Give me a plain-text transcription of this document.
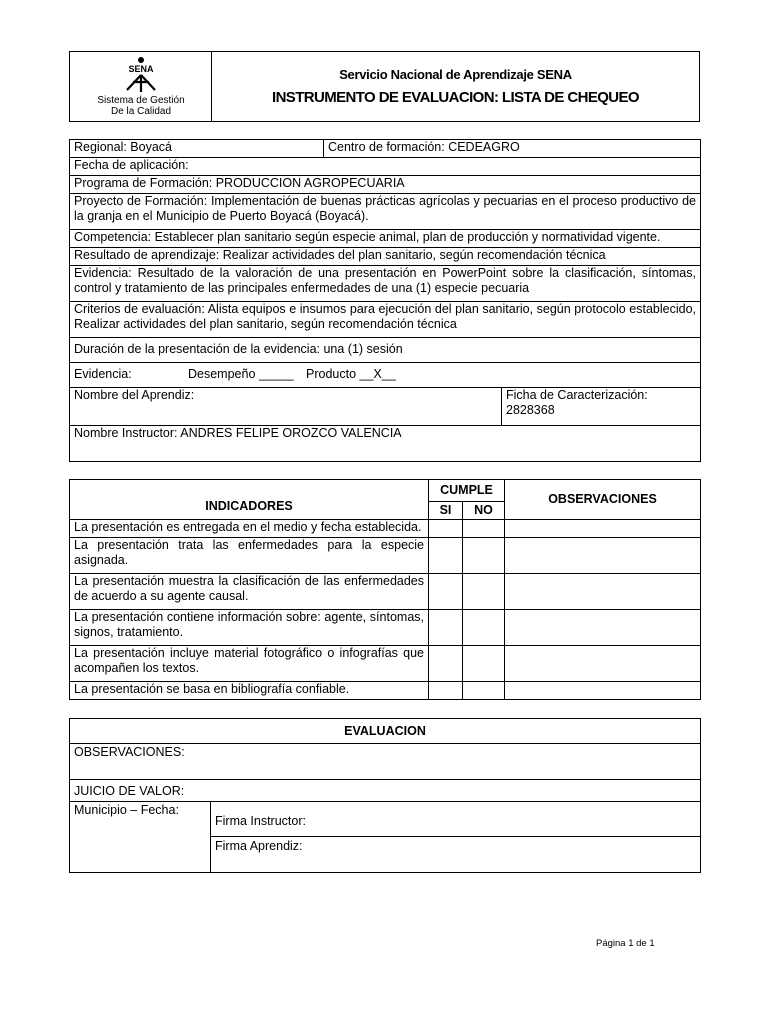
SENA
Sistema de Gestión
De la Calidad
Servicio Nacional de Aprendizaje SENA
INSTRUMENTO DE EVALUACION: LISTA DE CHEQUEO
Regional: Boyacá	Centro de formación: CEDEAGRO	
Fecha de aplicación:		
Programa de Formación: PRODUCCION AGROPECUARIA		
Proyecto de Formación: Implementación de buenas prácticas agrícolas y pecuarias en el proceso productivo de la granja en el Municipio de Puerto Boyacá (Boyacá).		
Competencia: Establecer plan sanitario según especie animal, plan de producción y normatividad vigente.		
Resultado de aprendizaje: Realizar actividades del plan sanitario, según recomendación técnica		
Evidencia: Resultado de la valoración de una presentación en PowerPoint sobre la clasificación, síntomas, control y tratamiento de las principales enfermedades de una (1) especie pecuaria		
Criterios de evaluación: Alista equipos e insumos para ejecución del plan sanitario, según protocolo establecido, Realizar actividades del plan sanitario, según recomendación técnica		
Duración de la presentación de la evidencia: una (1) sesión		
Evidencia: Desempeño _____ Producto __X__		
Nombre del Aprendiz:		Ficha de Caracterización:
2828368

Nombre Instructor: ANDRES FELIPE OROZCO VALENCIA		
INDICADORES	CUMPLE		OBSERVACIONES
	SI	NO	
La presentación es entregada en el medio y fecha establecida.			
La presentación trata las enfermedades para la especie asignada.			
La presentación muestra la clasificación de las enfermedades de acuerdo a su agente causal.			
La presentación contiene información sobre: agente, síntomas, signos, tratamiento.			
La presentación incluye material fotográfico o infografías que acompañen los textos.			
La presentación se basa en bibliografía confiable.			
EVALUACION
OBSERVACIONES:
JUICIO DE VALOR:
Municipio – Fecha:	Firma Instructor:
Firma Aprendiz:
Página 1 de 1
